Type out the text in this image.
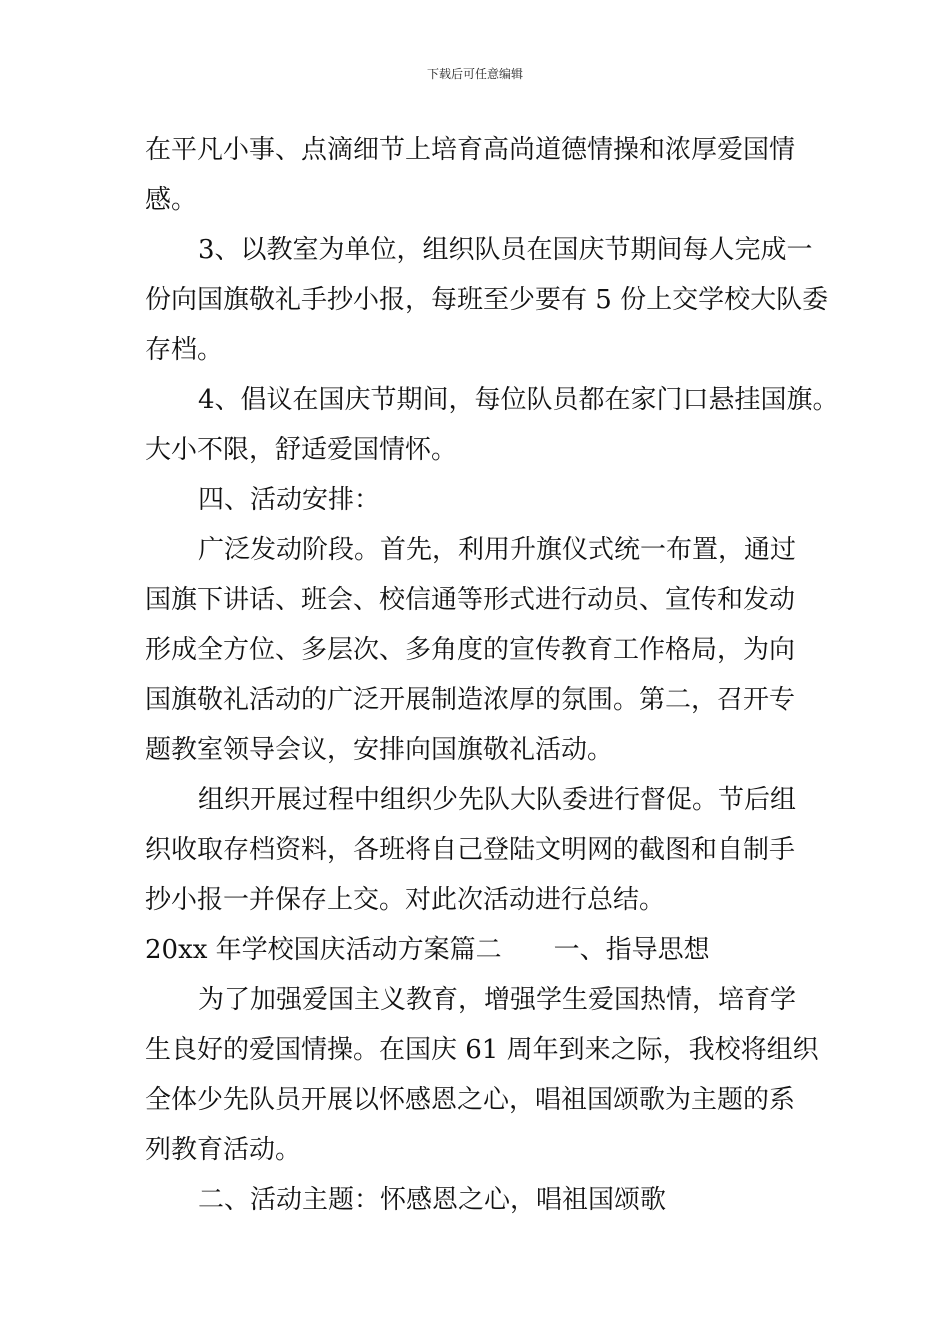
下载后可任意编辑
在平凡小事、点滴细节上培育高尚道德情操和浓厚爱国情
感。
3、以教室为单位，组织队员在国庆节期间每人完成一
份向国旗敬礼手抄小报，每班至少要有 5 份上交学校大队委
存档。
4、倡议在国庆节期间，每位队员都在家门口悬挂国旗。
大小不限，舒适爱国情怀。
四、活动安排：
广泛发动阶段。首先，利用升旗仪式统一布置，通过
国旗下讲话、班会、校信通等形式进行动员、宣传和发动
形成全方位、多层次、多角度的宣传教育工作格局，为向
国旗敬礼活动的广泛开展制造浓厚的氛围。第二，召开专
题教室领导会议，安排向国旗敬礼活动。
组织开展过程中组织少先队大队委进行督促。节后组
织收取存档资料，各班将自己登陆文明网的截图和自制手
抄小报一并保存上交。对此次活动进行总结。
20xx 年学校国庆活动方案篇二　　一、指导思想
为了加强爱国主义教育，增强学生爱国热情，培育学
生良好的爱国情操。在国庆 61 周年到来之际，我校将组织
全体少先队员开展以怀感恩之心，唱祖国颂歌为主题的系
列教育活动。
二、活动主题：怀感恩之心，唱祖国颂歌
